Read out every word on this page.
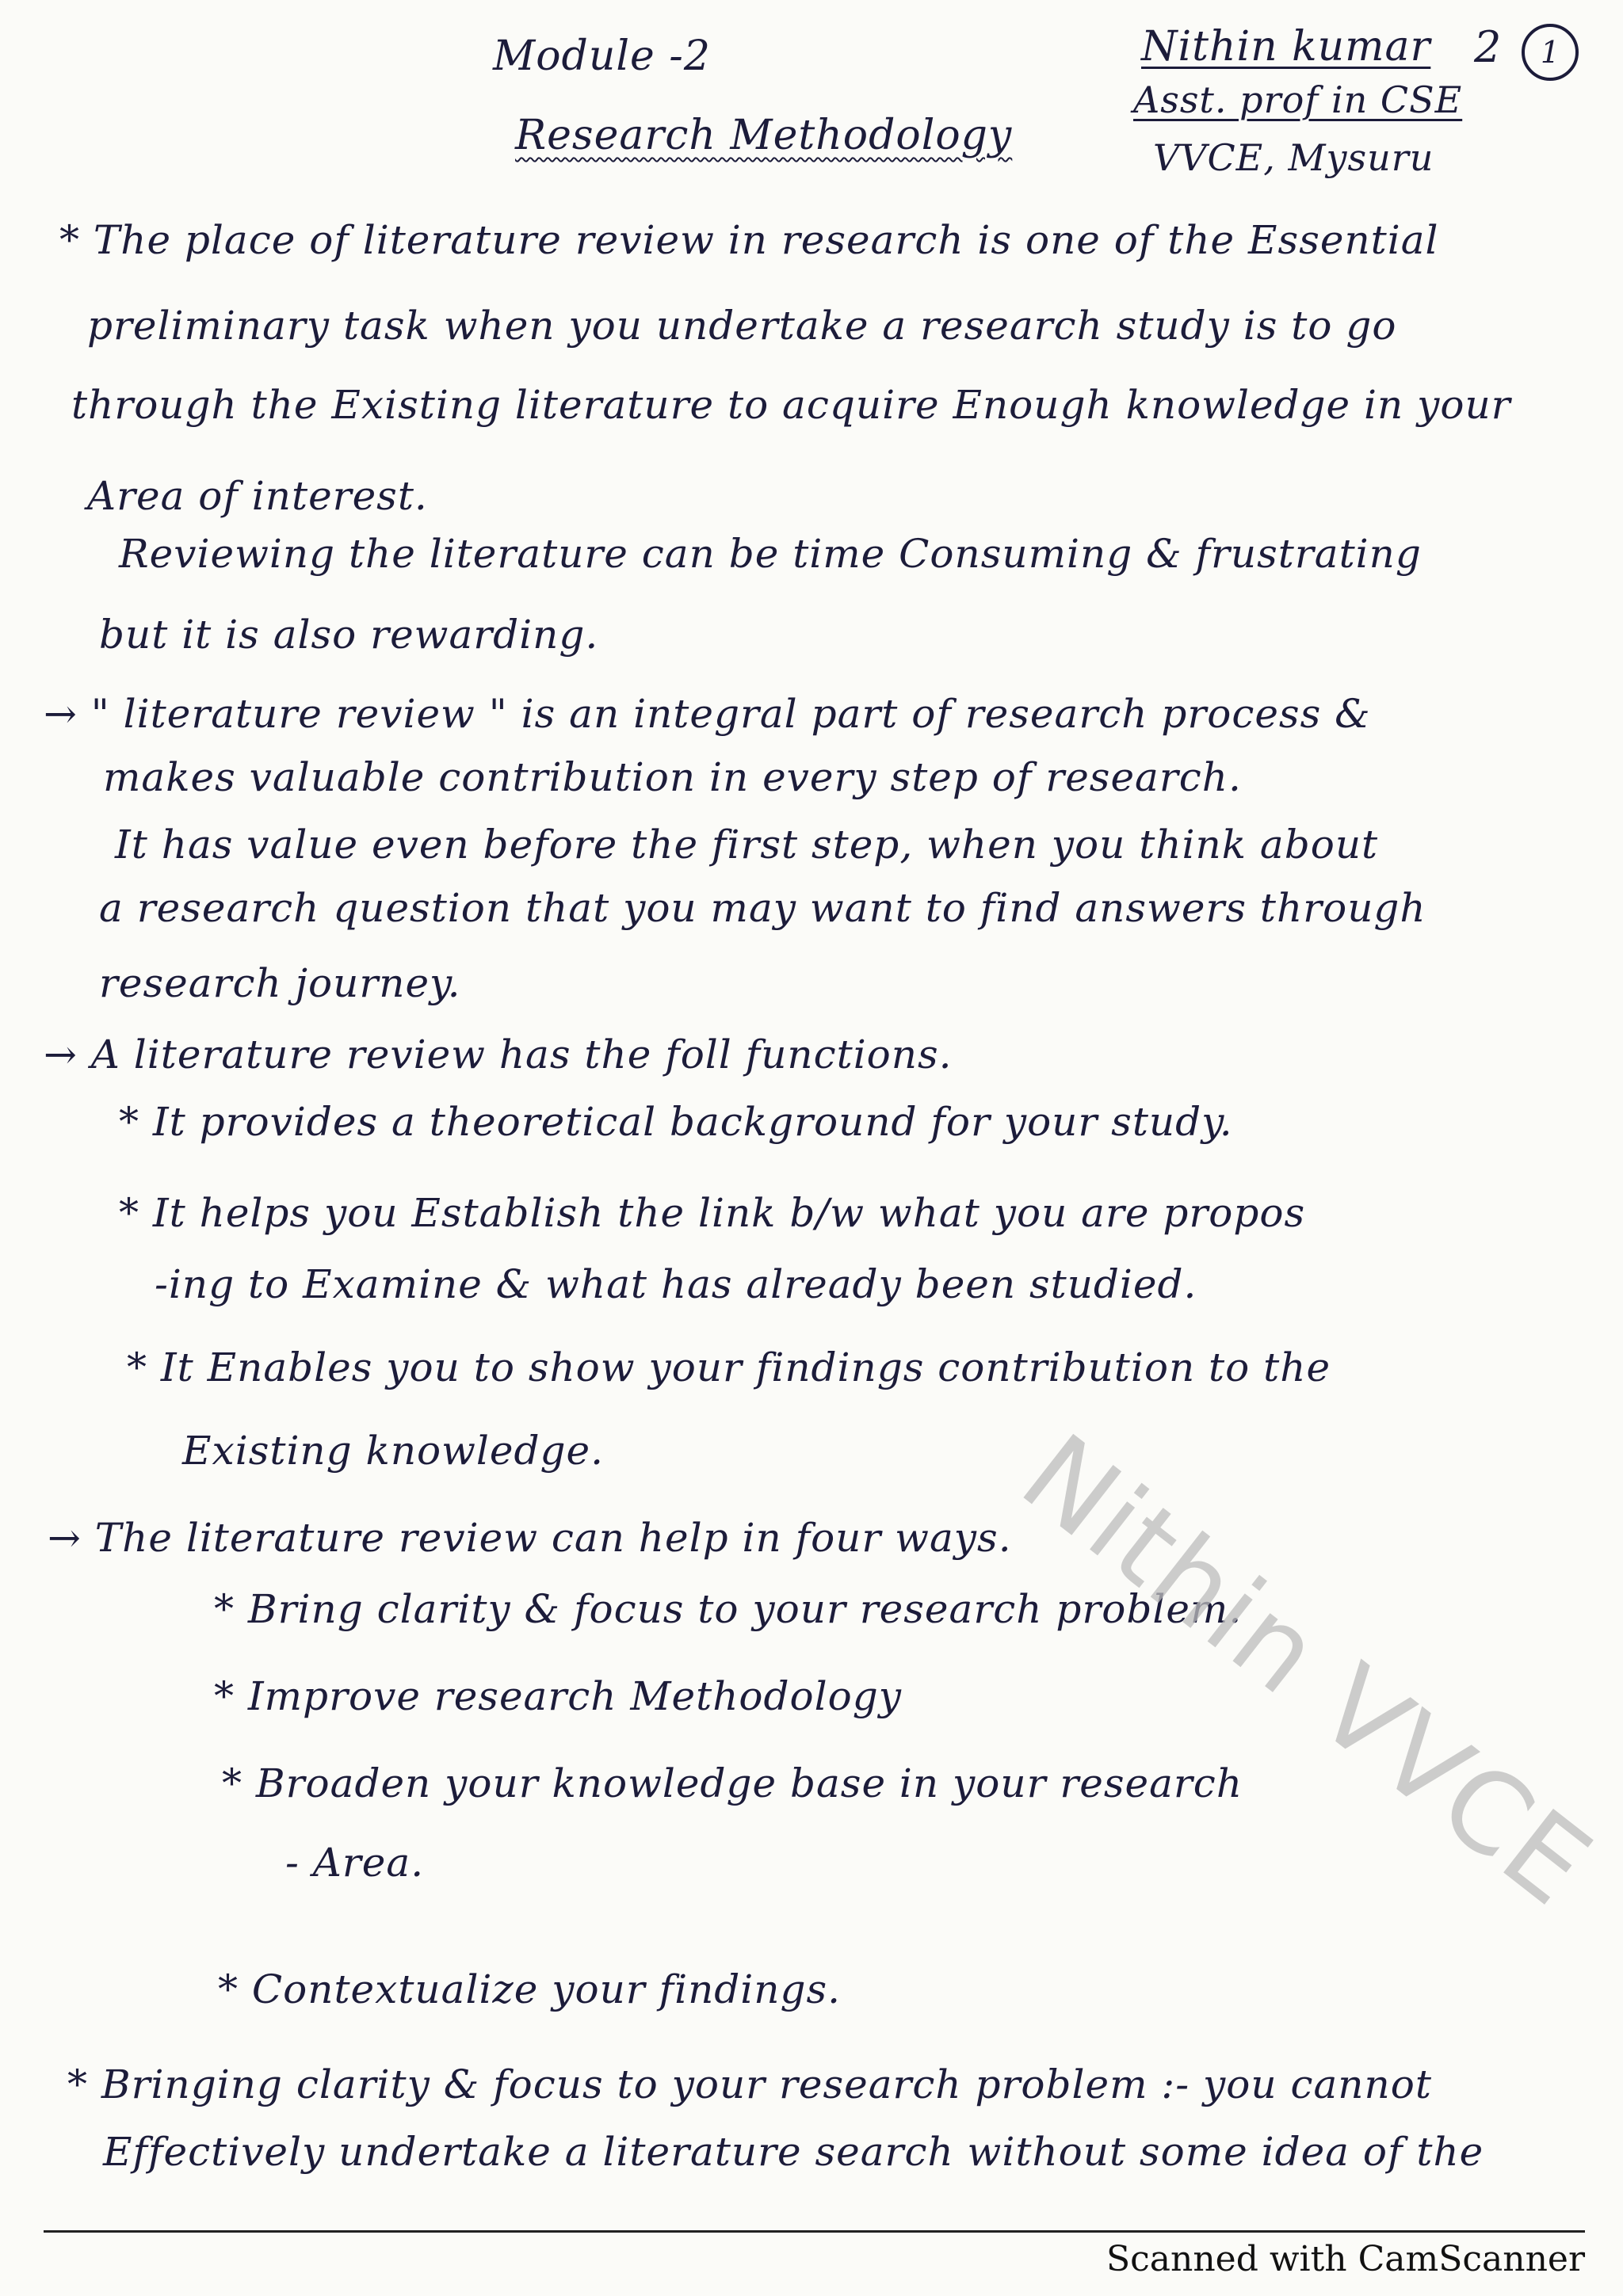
Module -2
Research Methodology
Nithin kumar
Asst. prof in CSE
VVCE, Mysuru
2	1
* The place of literature review in research is one of the Essential
preliminary task when you undertake a research study is to go
through the Existing literature to acquire Enough knowledge in your
Area of interest.
Reviewing the literature can be time Consuming & frustrating
but it is also rewarding.
→ " literature review " is an integral part of research process &
makes valuable contribution in every step of research.
It has value even before the first step, when you think about
a research question that you may want to find answers through
research journey.
→ A literature review has the foll functions.
* It provides a theoretical background for your study.
* It helps you Establish the link b/w what you are propos
-ing to Examine & what has already been studied.
* It Enables you to show your findings contribution to the
Existing knowledge.
→ The literature review can help in four ways.
* Bring clarity & focus to your research problem.
* Improve research Methodology
* Broaden your knowledge base in your research
- Area.
* Contextualize your findings.
* Bringing clarity & focus to your research problem :- you cannot
Effectively undertake a literature search without some idea of the
Nithin VVCE
Scanned with CamScanner
